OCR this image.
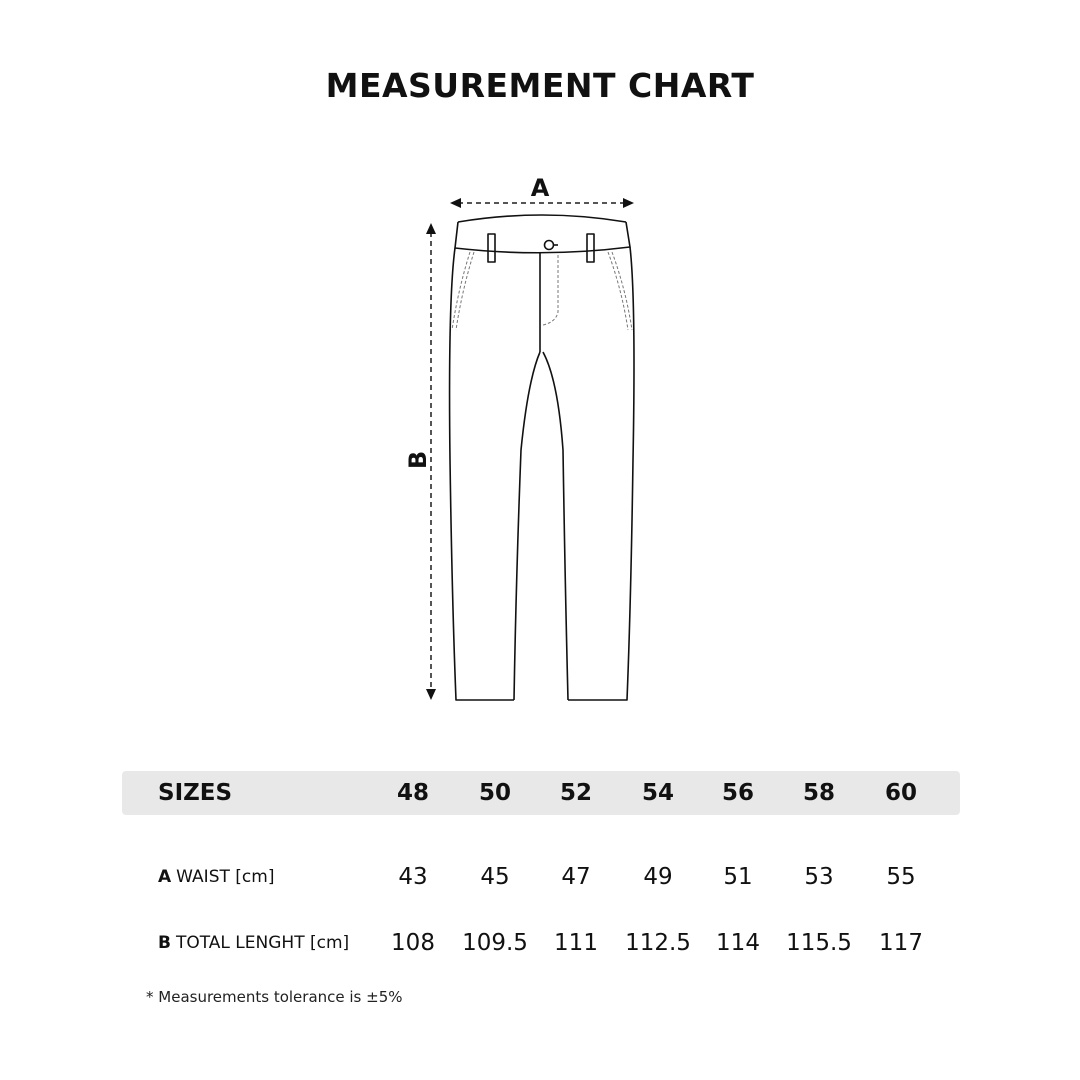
MEASUREMENT CHART
A
B
SIZES	48	50	52	54	56	58	60
A WAIST [cm]	43	45	47	49	51	53	55
B TOTAL LENGHT [cm]	108	109.5	111	112.5	114	115.5	117
* Measurements tolerance is ±5%
